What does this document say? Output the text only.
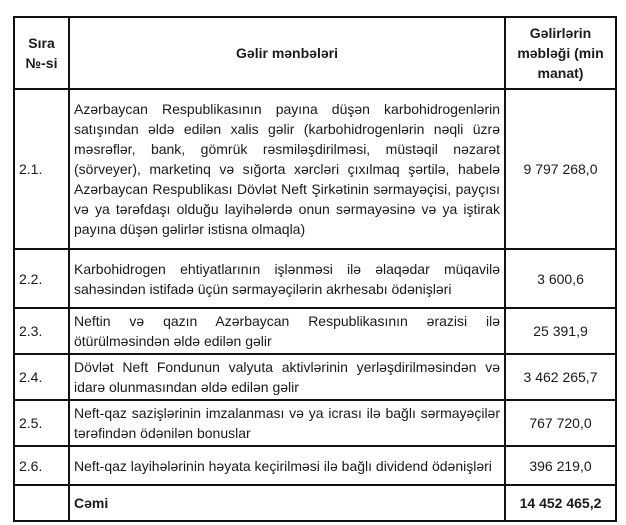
Sıra №-si	Gəlir mənbələri	Gəlirlərin məbləği (min manat)
2.1.	Azərbaycan Respublikasının payına düşən karbohidrogenlərin satışından əldə edilən xalis gəlir (karbohidrogenlərin nəqli üzrə məsrəflər, bank, gömrük rəsmiləşdirilməsi, müstəqil nəzarət (sörveyer), marketinq və sığorta xərcləri çıxılmaq şərtilə, habelə Azərbaycan Respublikası Dövlət Neft Şirkətinin sərmayəçisi, payçısı və ya tərəfdaşı olduğu layihələrdə onun sərmayəsinə və ya iştirak payına düşən gəlirlər istisna olmaqla)	9 797 268,0
2.2.	Karbohidrogen ehtiyatlarının işlənməsi ilə əlaqədar müqavilə sahəsindən istifadə üçün sərmayəçilərin akrhesabı ödənişləri	3 600,6
2.3.	Neftin və qazın Azərbaycan Respublikasının ərazisi ilə ötürülməsindən əldə edilən gəlir	25 391,9
2.4.	Dövlət Neft Fondunun valyuta aktivlərinin yerləşdirilməsindən və idarə olunmasından əldə edilən gəlir	3 462 265,7
2.5.	Neft-qaz sazişlərinin imzalanması və ya icrası ilə bağlı sərmayəçilər tərəfindən ödənilən bonuslar	767 720,0
2.6.	Neft-qaz layihələrinin həyata keçirilməsi ilə bağlı dividend ödənişləri	396 219,0
	Cəmi	14 452 465,2
